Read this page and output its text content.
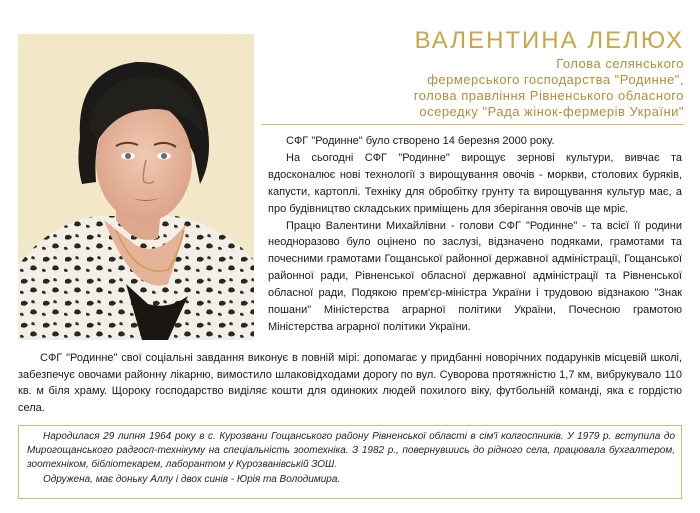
ВАЛЕНТИНА ЛЕЛЮХ
Голова селянського
фермерського господарства "Родинне",
голова правління Рівненського обласного
осередку "Рада жінок-фермерів України"

СФГ "Родинне" було створено 14 березня 2000 року.

На сьогодні СФГ "Родинне" вирощує зернові культури, вивчає та вдосконалює нові технології з вирощування овочів - моркви, столових буряків, капусти, картоплі. Техніку для обробітку грунту та вирощування культур має, а про будівництво складських приміщень для зберігання овочів ще мріє.

Працю Валентини Михайлівни - голови СФГ "Родинне" - та всієї її родини неодноразово було оцінено по заслузі, відзначено подяками, грамотами та почесними грамотами Гощанської районної державної адміністрації, Гощанської районної ради, Рівненської обласної державної адміністрації та Рівненської обласної ради, Подякою прем'єр-міністра України і трудовою відзнакою "Знак пошани" Міністерства аграрної політики України, Почесною грамотою Міністерства аграрної політики України.

СФГ "Родинне" свої соціальні завдання виконує в повній мірі: допомагає у придбанні новорічних подарунків місцевій школі, забезпечує овочами районну лікарню, вимостило шлаковідходами дорогу по вул. Суворова протяжністю 1,7 км, вибрукувало 110 кв. м біля храму. Щороку господарство виділяє кошти для одиноких людей похилого віку, футбольній команді, яка є гордістю села.

Народилася 29 липня 1964 року в с. Курозвани Гощанського району Рівненської області в сім'ї колгоспників. У 1979 р. вступила до Мирогощанського радгосп-технікуму на спеціальність зоотехніка. З 1982 р., повернувшись до рідного села, працювала бухгалтером, зоотехніком, бібліотекарем, лаборантом у Курозванівській ЗОШ.

Одружена, має доньку Аллу і двох синів - Юрія та Володимира.
